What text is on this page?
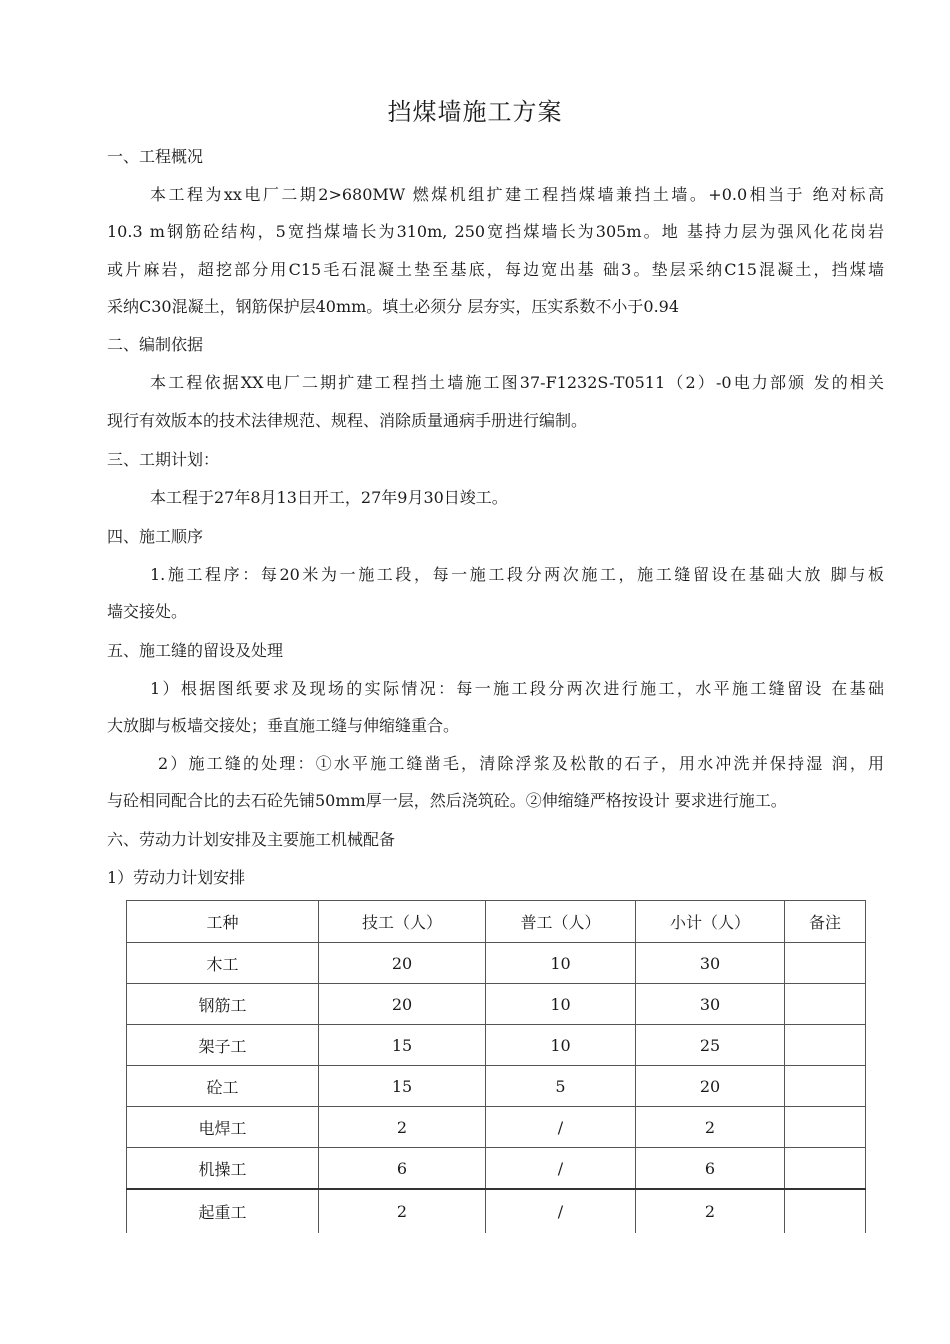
挡煤墙施工方案
一、工程概况
本工程为xx电厂二期2>680MW 燃煤机组扩建工程挡煤墙兼挡土墙。+0.0相当于 绝对标高
10.3 m钢筋砼结构，5宽挡煤墙长为310m, 250宽挡煤墙长为305m。地 基持力层为强风化花岗岩
或片麻岩，超挖部分用C15毛石混凝土垫至基底，每边宽出基 础3。垫层采纳C15混凝土，挡煤墙
采纳C30混凝土，钢筋保护层40mm。填土必须分 层夯实，压实系数不小于0.94
二、编制依据
本工程依据XX电厂二期扩建工程挡土墙施工图37-F1232S-T0511（2）-0电力部颁 发的相关
现行有效版本的技术法律规范、规程、消除质量通病手册进行编制。
三、工期计划：
本工程于27年8月13日开工，27年9月30日竣工。
四、施工顺序
1.施工程序：每20米为一施工段，每一施工段分两次施工，施工缝留设在基础大放 脚与板
墙交接处。
五、施工缝的留设及处理
1）根据图纸要求及现场的实际情况：每一施工段分两次进行施工，水平施工缝留设 在基础
大放脚与板墙交接处；垂直施工缝与伸缩缝重合。
2）施工缝的处理：①水平施工缝凿毛，清除浮浆及松散的石子，用水冲洗并保持湿 润，用
与砼相同配合比的去石砼先铺50mm厚一层，然后浇筑砼。②伸缩缝严格按设计 要求进行施工。
六、劳动力计划安排及主要施工机械配备
1）劳动力计划安排
工种	技工（人）	普工（人）	小计（人）	备注
木工	20	10	30	
钢筋工	20	10	30	
架子工	15	10	25	
砼工	15	5	20	
电焊工	2	/	2	
机操工	6	/	6	
起重工	2	/	2	
